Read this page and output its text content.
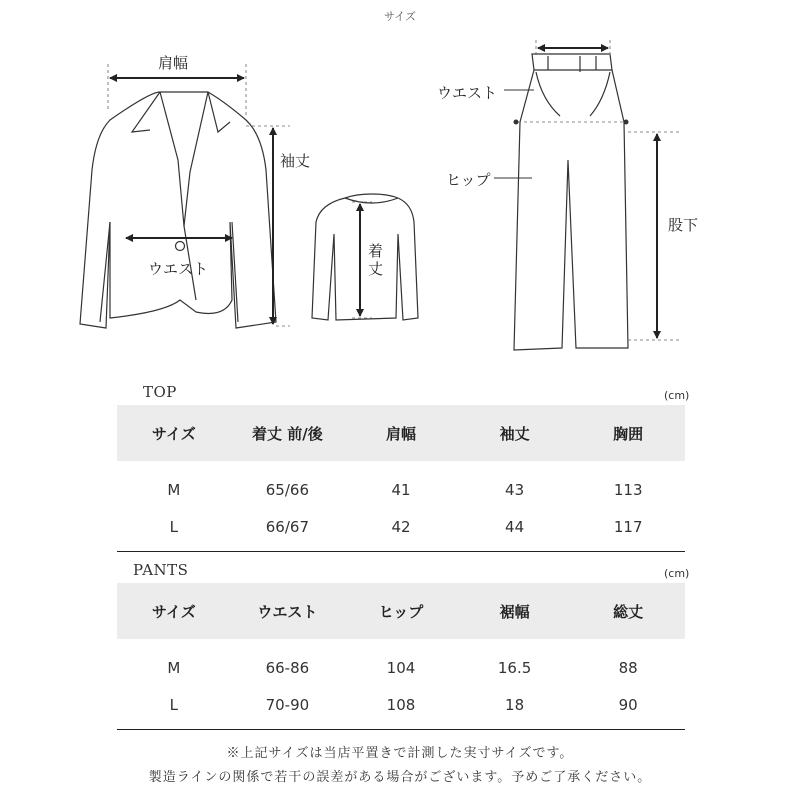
サイズ
肩幅
袖丈
ウエスト
着
丈
ウエスト
ヒップ
股下
TOP	(cm)
サイズ	着丈 前/後	肩幅	袖丈	胸囲
M	65/66	41	43	113
L	66/67	42	44	117
PANTS	(cm)
サイズ	ウエスト	ヒップ	裾幅	総丈
M	66-86	104	16.5	88
L	70-90	108	18	90
※上記サイズは当店平置きで計測した実寸サイズです。
製造ラインの関係で若干の誤差がある場合がございます。予めご了承ください。
